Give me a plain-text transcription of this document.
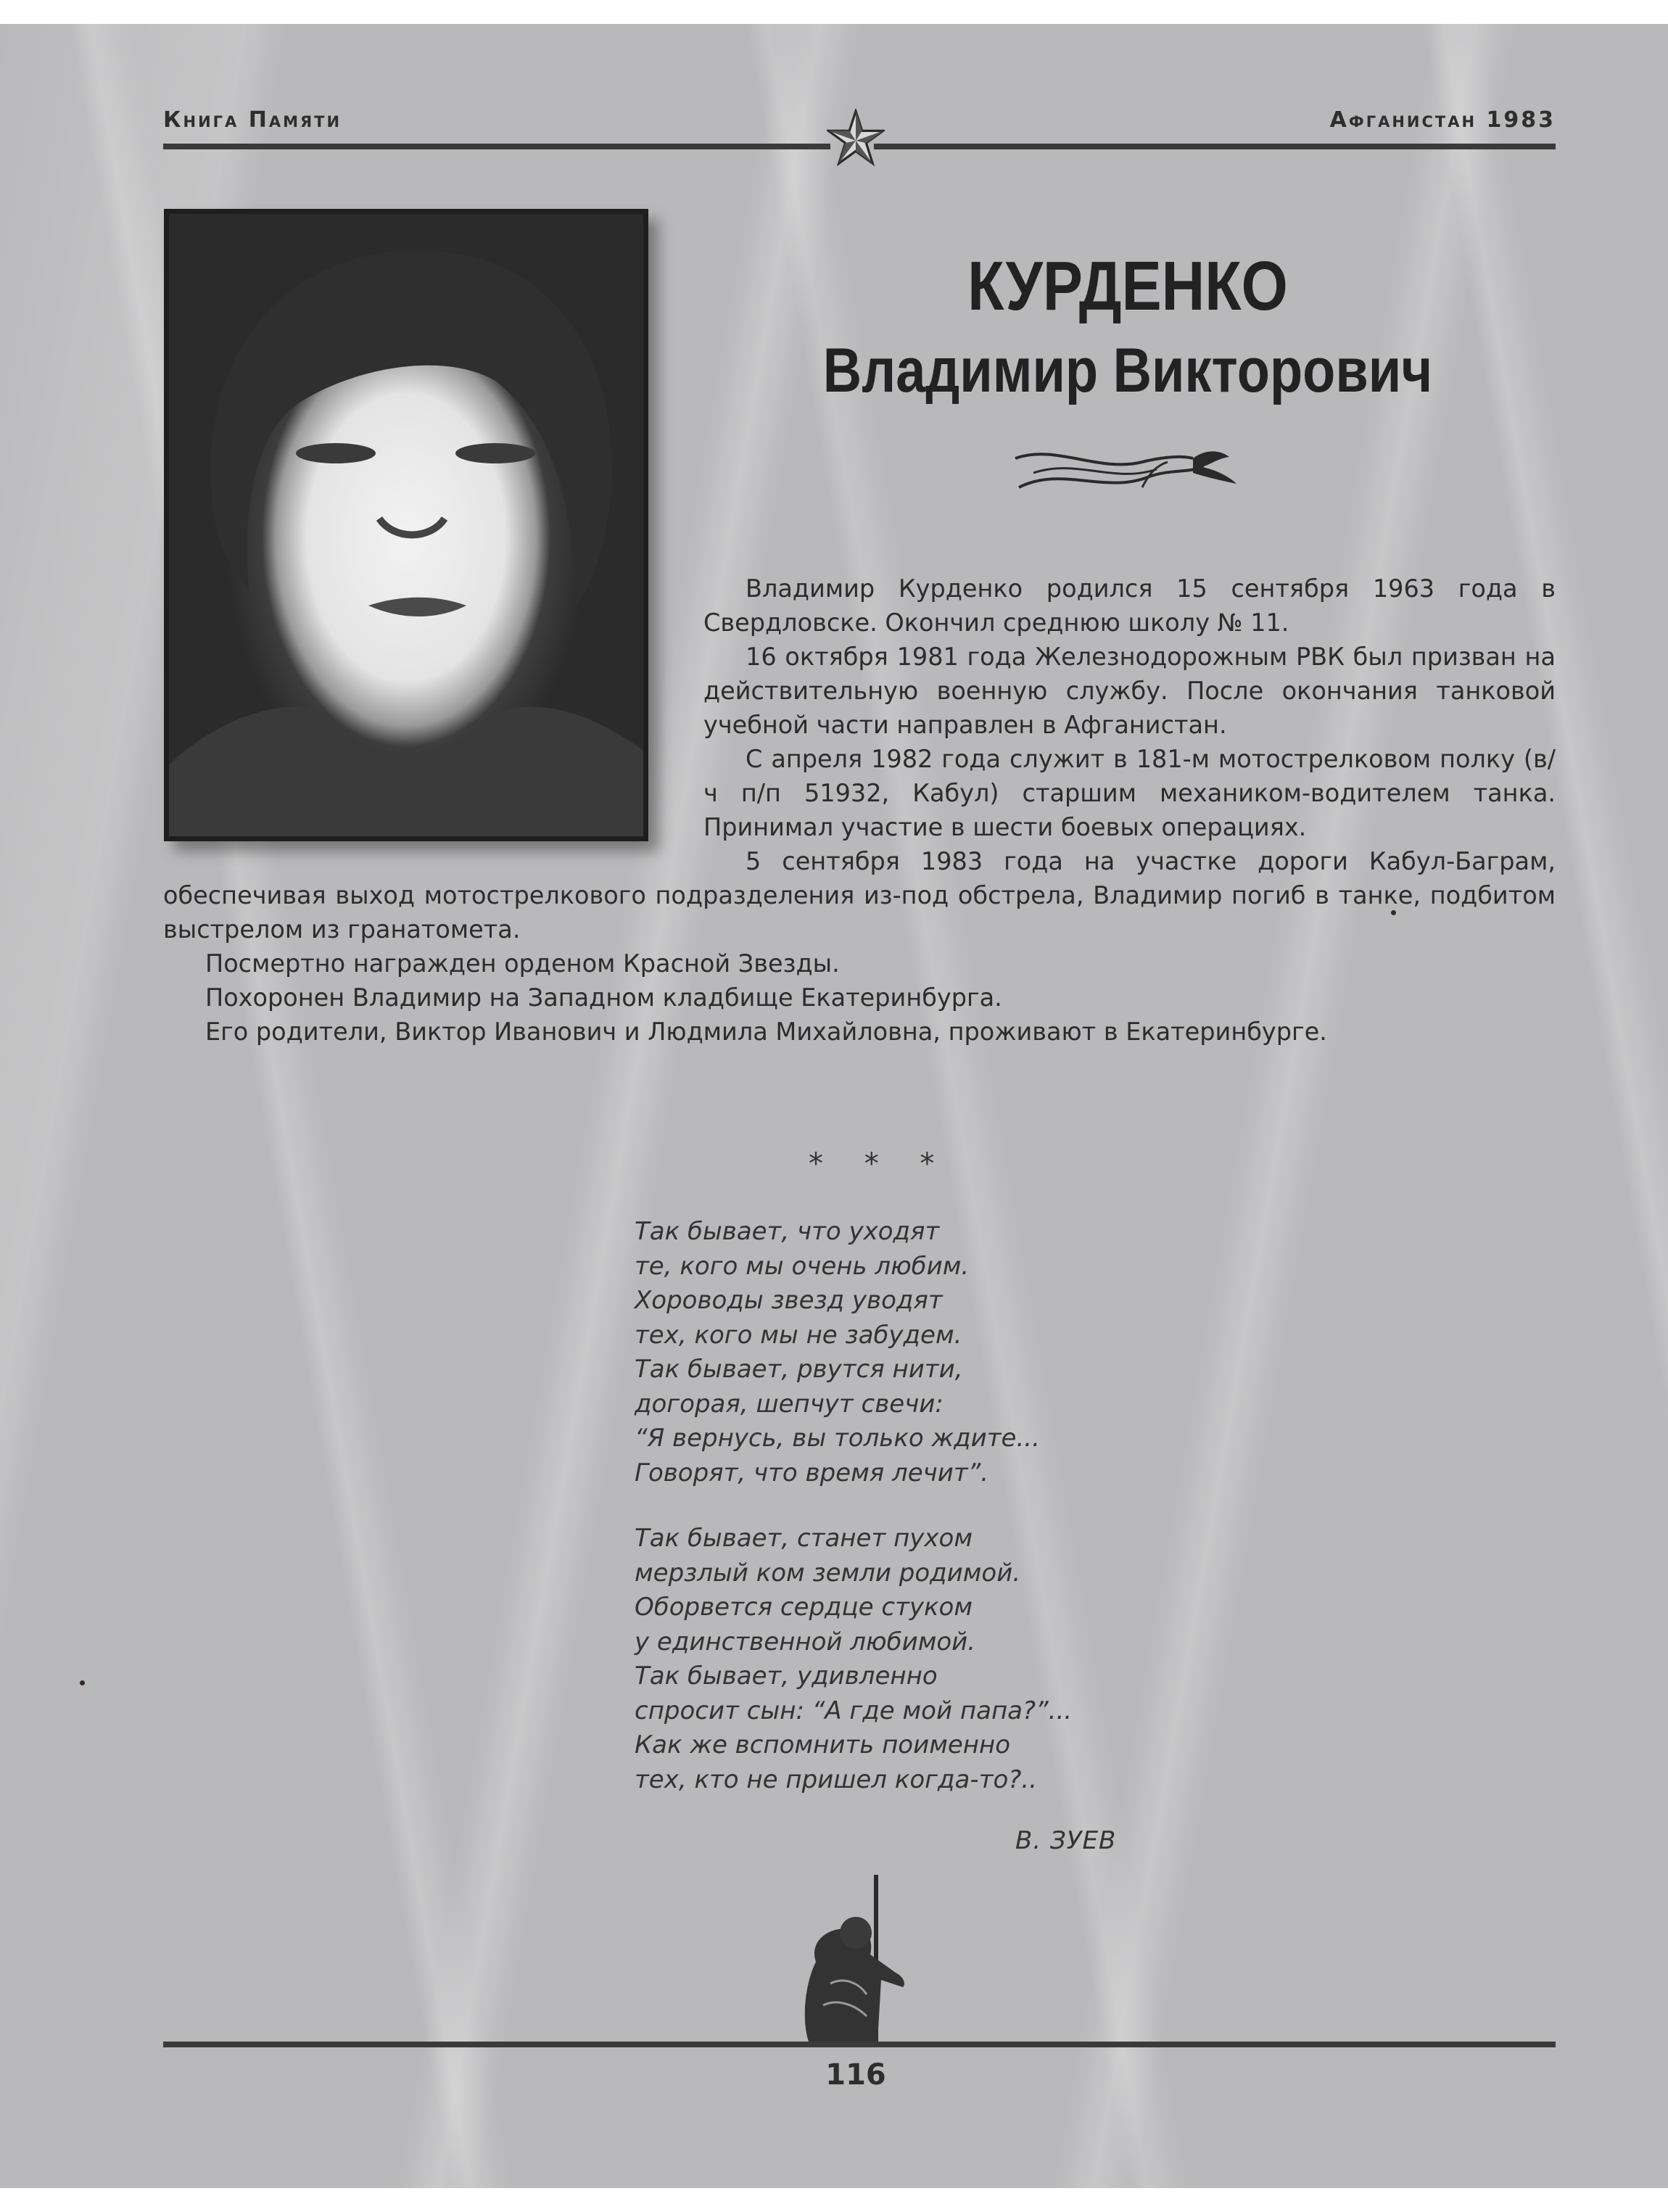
Книга Памяти	Афганистан 1983
КУРДЕНКО
Владимир Викторович

Владимир Курденко родился 15 сентября 1963 года в Свердловске. Окончил среднюю школу № 11.

16 октября 1981 года Железнодорожным РВК был призван на действительную военную службу. После окончания танковой учебной части направлен в Афганистан.

С апреля 1982 года служит в 181-м мотострелковом полку (в/ч п/п 51932, Кабул) старшим механиком-водителем танка. Принимал участие в шести боевых операциях.

5 сентября 1983 года на участке дороги Кабул-Баграм, обеспечивая выход мотострелкового подразделения из-под обстрела, Владимир погиб в танке, подбитом выстрелом из гранатомета.

Посмертно награжден орденом Красной Звезды.

Похоронен Владимир на Западном кладбище Екатеринбурга.

Его родители, Виктор Иванович и Людмила Михайловна, проживают в Екатеринбурге.

* * *
Так бывает, что уходят
те, кого мы очень любим.
Хороводы звезд уводят
тех, кого мы не забудем.
Так бывает, рвутся нити,
догорая, шепчут свечи:
“Я вернусь, вы только ждите...
Говорят, что время лечит”.
Так бывает, станет пухом
мерзлый ком земли родимой.
Оборвется сердце стуком
у единственной любимой.
Так бывает, удивленно
спросит сын: “А где мой папа?”...
Как же вспомнить поименно
тех, кто не пришел когда-то?..
В. ЗУЕВ
116
